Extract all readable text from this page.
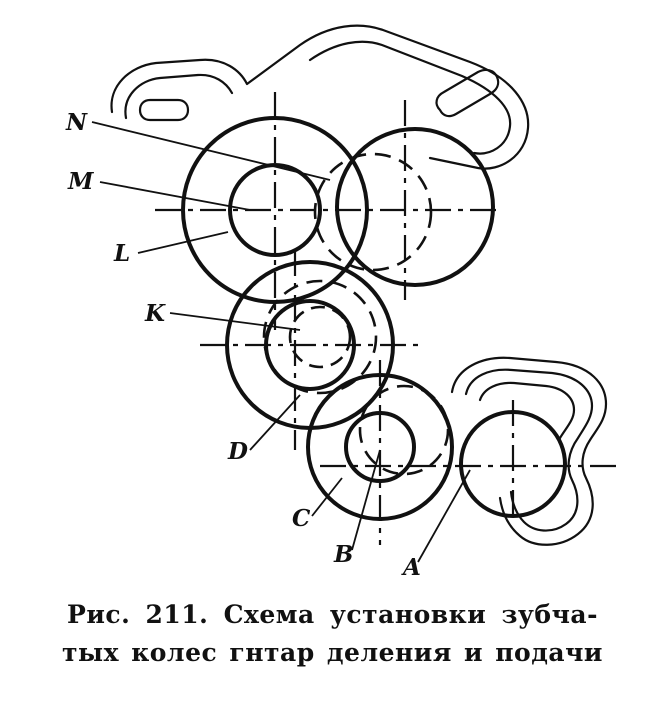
N
M
L
K
D
C
B A
Рис. 211. Схема установки зубча-
тых колес гнтар деления и подачи
